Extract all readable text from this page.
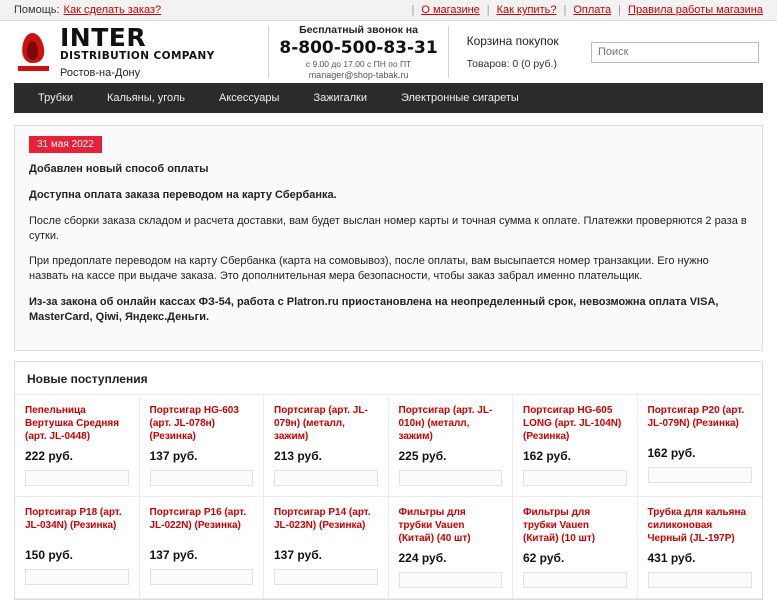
Помощь: Как сделать заказ?	| О магазине | Как купить? | Оплата | Правила работы магазина
INTER
DISTRIBUTION COMPANY
Ростов-на-Дону
Бесплатный звонок на
8-800-500-83-31
с 9.00 до 17.00 с ПН по ПТ
manager@shop-tabak.ru
Корзина покупок
Товаров: 0 (0 руб.)
Поиск
Трубки	Кальяны, уголь	Аксессуары	Зажигалки	Электронные сигареты
31 мая 2022

Добавлен новый способ оплаты

Доступна оплата заказа переводом на карту Сбербанка.

После сборки заказа складом и расчета доставки, вам будет выслан номер карты и точная сумма к оплате. Платежки проверяются 2 раза в сутки.

При предоплате переводом на карту Сбербанка (карта на сомовывоз), после оплаты, вам высыпается номер транзакции. Его нужно назвать на кассе при выдаче заказа. Это дополнительная мера безопасности, чтобы заказ забрал именно плательщик.

Из-за закона об онлайн кассах ФЗ-54, работа с Platron.ru приостановлена на неопределенный срок, невозможна оплата VISA, MasterCard, Qiwi, Яндекс.Деньги.

Новые поступления
Пепельница Вертушка Средняя (арт. JL-0448)
222 руб.
Портсигар HG-603 (арт. JL-078н) (Резинка)
137 руб.
Портсигар (арт. JL-079н) (металл, зажим)
213 руб.
Портсигар (арт. JL-010н) (металл, зажим)
225 руб.
Портсигар HG-605 LONG (арт. JL-104N) (Резинка)
162 руб.
Портсигар P20 (арт. JL-079N) (Резинка)
162 руб.
Портсигар P18 (арт. JL-034N) (Резинка)
150 руб.
Портсигар P16 (арт. JL-022N) (Резинка)
137 руб.
Портсигар P14 (арт. JL-023N) (Резинка)
137 руб.
Фильтры для трубки Vauen (Китай) (40 шт)
224 руб.
Фильтры для трубки Vauen (Китай) (10 шт)
62 руб.
Трубка для кальяна силиконовая Черный (JL-197Р)
431 руб.
